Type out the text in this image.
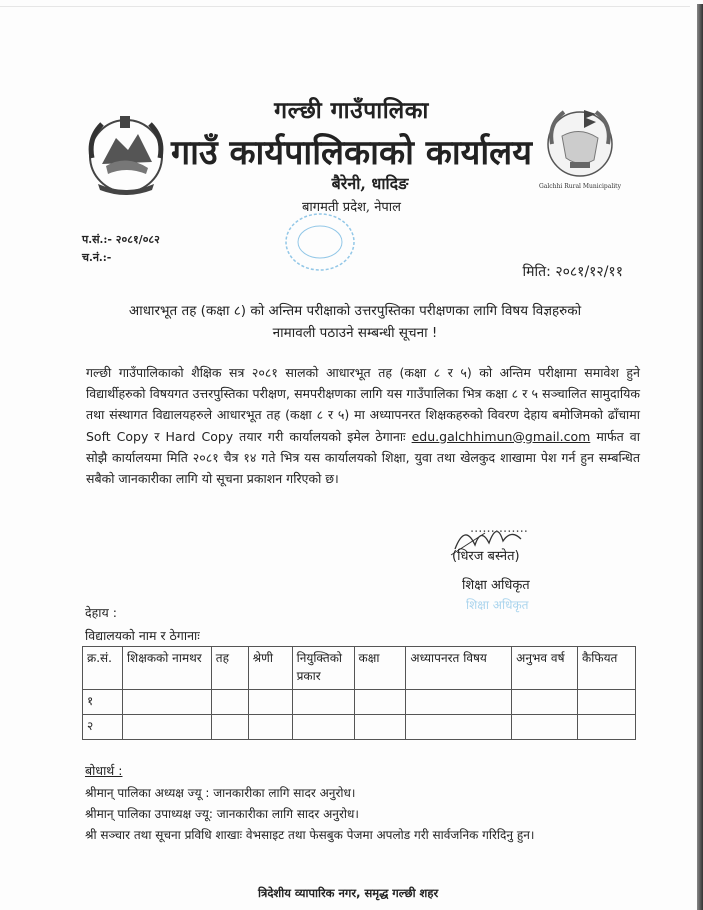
Galchhi Rural Municipality
गल्छी गाउँपालिका
गाउँ कार्यपालिकाको कार्यालय
बैरेनी, धादिङ
बागमती प्रदेश, नेपाल
प.सं.:- २०८१/०८२
च.नं.:-
मिति: २०८१/१२/११
आधारभूत तह (कक्षा ८) को अन्तिम परीक्षाको उत्तरपुस्तिका परीक्षणका लागि विषय विज्ञहरुको
नामावली पठाउने सम्बन्धी सूचना !
गल्छी गाउँपालिकाको शैक्षिक सत्र २०८१ सालको आधारभूत तह (कक्षा ८ र ५) को अन्तिम परीक्षामा समावेश हुने विद्यार्थीहरुको विषयगत उत्तरपुस्तिका परीक्षण, समपरीक्षणका लागि यस गाउँपालिका भित्र कक्षा ८ र ५ सञ्चालित सामुदायिक तथा संस्थागत विद्यालयहरुले आधारभूत तह (कक्षा ८ र ५) मा अध्यापनरत शिक्षकहरुको विवरण देहाय बमोजिमको ढाँचामा Soft Copy र Hard Copy तयार गरी कार्यालयको इमेल ठेगानाः edu.galchhimun@gmail.com मार्फत वा सोझै कार्यालयमा मिति २०८१ चैत्र १४ गते भित्र यस कार्यालयको शिक्षा, युवा तथा खेलकुद शाखामा पेश गर्न हुन सम्बन्धित सबैको जानकारीका लागि यो सूचना प्रकाशन गरिएको छ।
..............
(धिरज बस्नेत)
शिक्षा अधिकृत
शिक्षा अधिकृत
देहाय :
विद्यालयको नाम र ठेगानाः
क्र.सं.	शिक्षकको नामथर	तह	श्रेणी	नियुक्तिको प्रकार	कक्षा	अध्यापनरत विषय	अनुभव वर्ष	कैफियत
१								
२								
बोधार्थ :
श्रीमान् पालिका अध्यक्ष ज्यू : जानकारीका लागि सादर अनुरोध।
श्रीमान् पालिका उपाध्यक्ष ज्यू: जानकारीका लागि सादर अनुरोध।
श्री सञ्चार तथा सूचना प्रविधि शाखाः वेभसाइट तथा फेसबुक पेजमा अपलोड गरी सार्वजनिक गरिदिनु हुन।
त्रिदेशीय व्यापारिक नगर, समृद्ध गल्छी शहर
